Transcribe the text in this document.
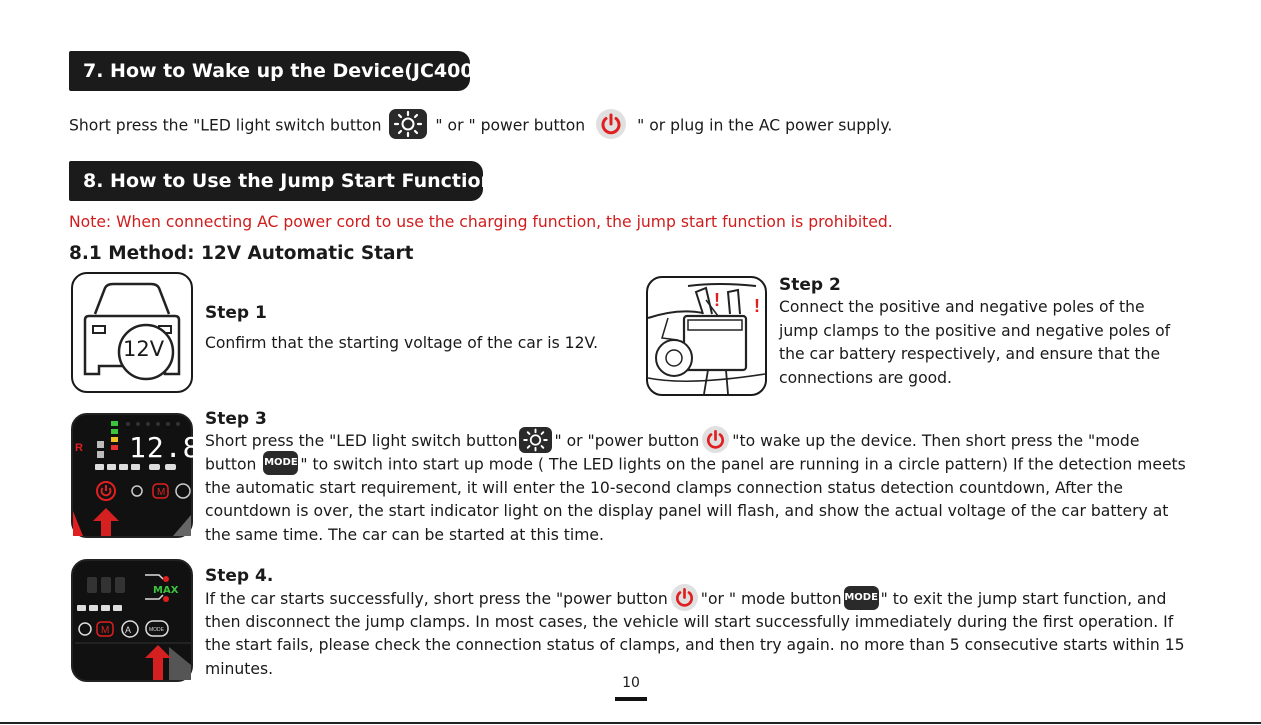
7. How to Wake up the Device(JC400)?
Short press the "LED light switch button	" or " power button	" or plug in the AC power supply.
8. How to Use the Jump Start Function?
Note: When connecting AC power cord to use the charging function, the jump start function is prohibited.
8.1 Method: 12V Automatic Start
12V
Step 1
Confirm that the starting voltage of the car is 12V.
! !
Step 2
Connect the positive and negative poles of the
jump clamps to the positive and negative poles of
the car battery respectively, and ensure that the
connections are good.
R
M
12.8
Step 3
Short press the "LED light switch button " or "power button "to wake up the device. Then short press the "mode
button MODE " to switch into start up mode ( The LED lights on the panel are running in a circle pattern) If the detection meets
the automatic start requirement, it will enter the 10-second clamps connection status detection countdown, After the
countdown is over, the start indicator light on the display panel will flash, and show the actual voltage of the car battery at
the same time. The car can be started at this time.
M A	MODE
MAX
Step 4.
If the car starts successfully, short press the "power button "or " mode button MODE " to exit the jump start function, and
then disconnect the jump clamps. In most cases, the vehicle will start successfully immediately during the first operation. If
the start fails, please check the connection status of clamps, and then try again. no more than 5 consecutive starts within 15
minutes.
10
